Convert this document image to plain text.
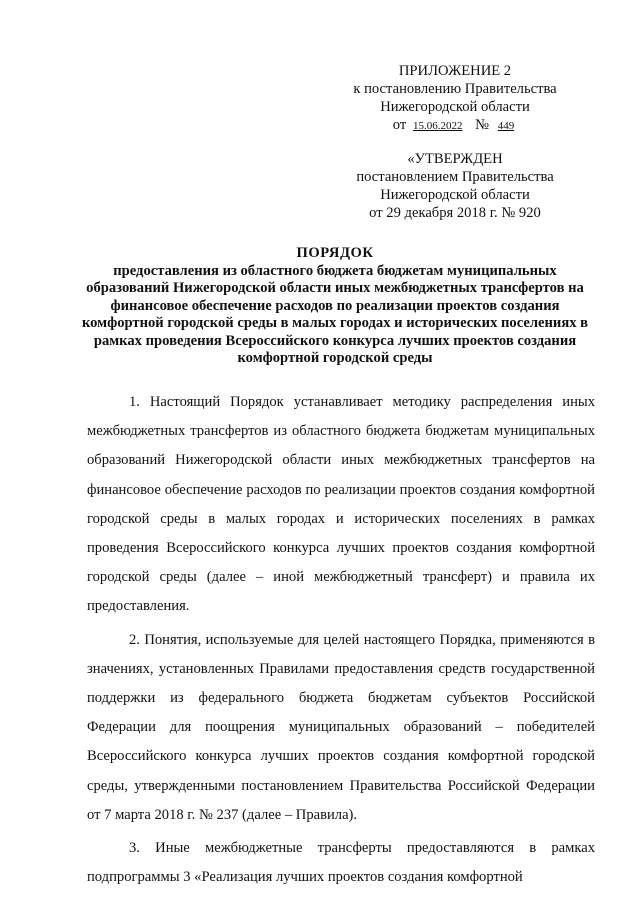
ПРИЛОЖЕНИЕ 2
к постановлению Правительства
Нижегородской области
от 15.06.2022 № 449
«УТВЕРЖДЕН
постановлением Правительства
Нижегородской области
от 29 декабря 2018 г. № 920
ПОРЯДОК
предоставления из областного бюджета бюджетам муниципальных образований Нижегородской области иных межбюджетных трансфертов на финансовое обеспечение расходов по реализации проектов создания комфортной городской среды в малых городах и исторических поселениях в рамках проведения Всероссийского конкурса лучших проектов создания комфортной городской среды

1. Настоящий Порядок устанавливает методику распределения иных межбюджетных трансфертов из областного бюджета бюджетам муниципальных образований Нижегородской области иных межбюджетных трансфертов на финансовое обеспечение расходов по реализации проектов создания комфортной городской среды в малых городах и исторических поселениях в рамках проведения Всероссийского конкурса лучших проектов создания комфортной городской среды (далее – иной межбюджетный трансферт) и правила их предоставления.

2. Понятия, используемые для целей настоящего Порядка, применяются в значениях, установленных Правилами предоставления средств государственной поддержки из федерального бюджета бюджетам субъектов Российской Федерации для поощрения муниципальных образований – победителей Всероссийского конкурса лучших проектов создания комфортной городской среды, утвержденными постановлением Правительства Российской Федерации от 7 марта 2018 г. № 237 (далее – Правила).

3. Иные межбюджетные трансферты предоставляются в рамках подпрограммы 3 «Реализация лучших проектов создания комфортной
